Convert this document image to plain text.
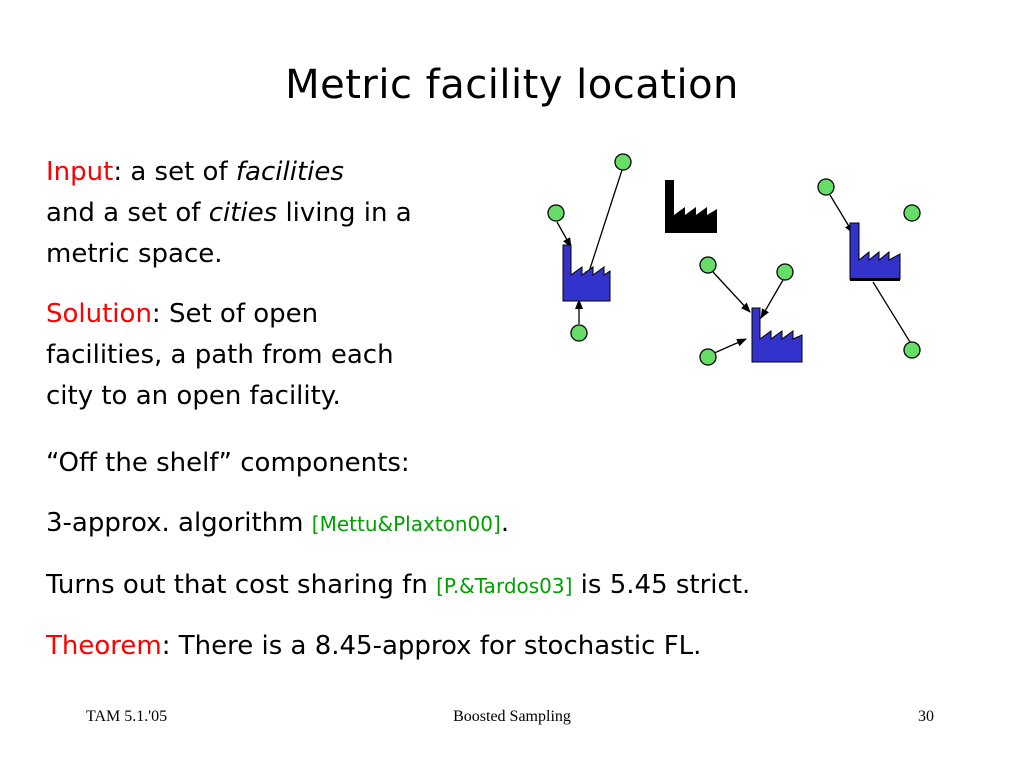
Metric facility location
Input: a set of facilities
and a set of cities living in a
metric space.
Solution: Set of open
facilities, a path from each
city to an open facility.
“Off the shelf” components:
3-approx. algorithm [Mettu&Plaxton00].
Turns out that cost sharing fn [P.&Tardos03] is 5.45 strict.
Theorem: There is a 8.45-approx for stochastic FL.
TAM 5.1.'05	Boosted Sampling	30
